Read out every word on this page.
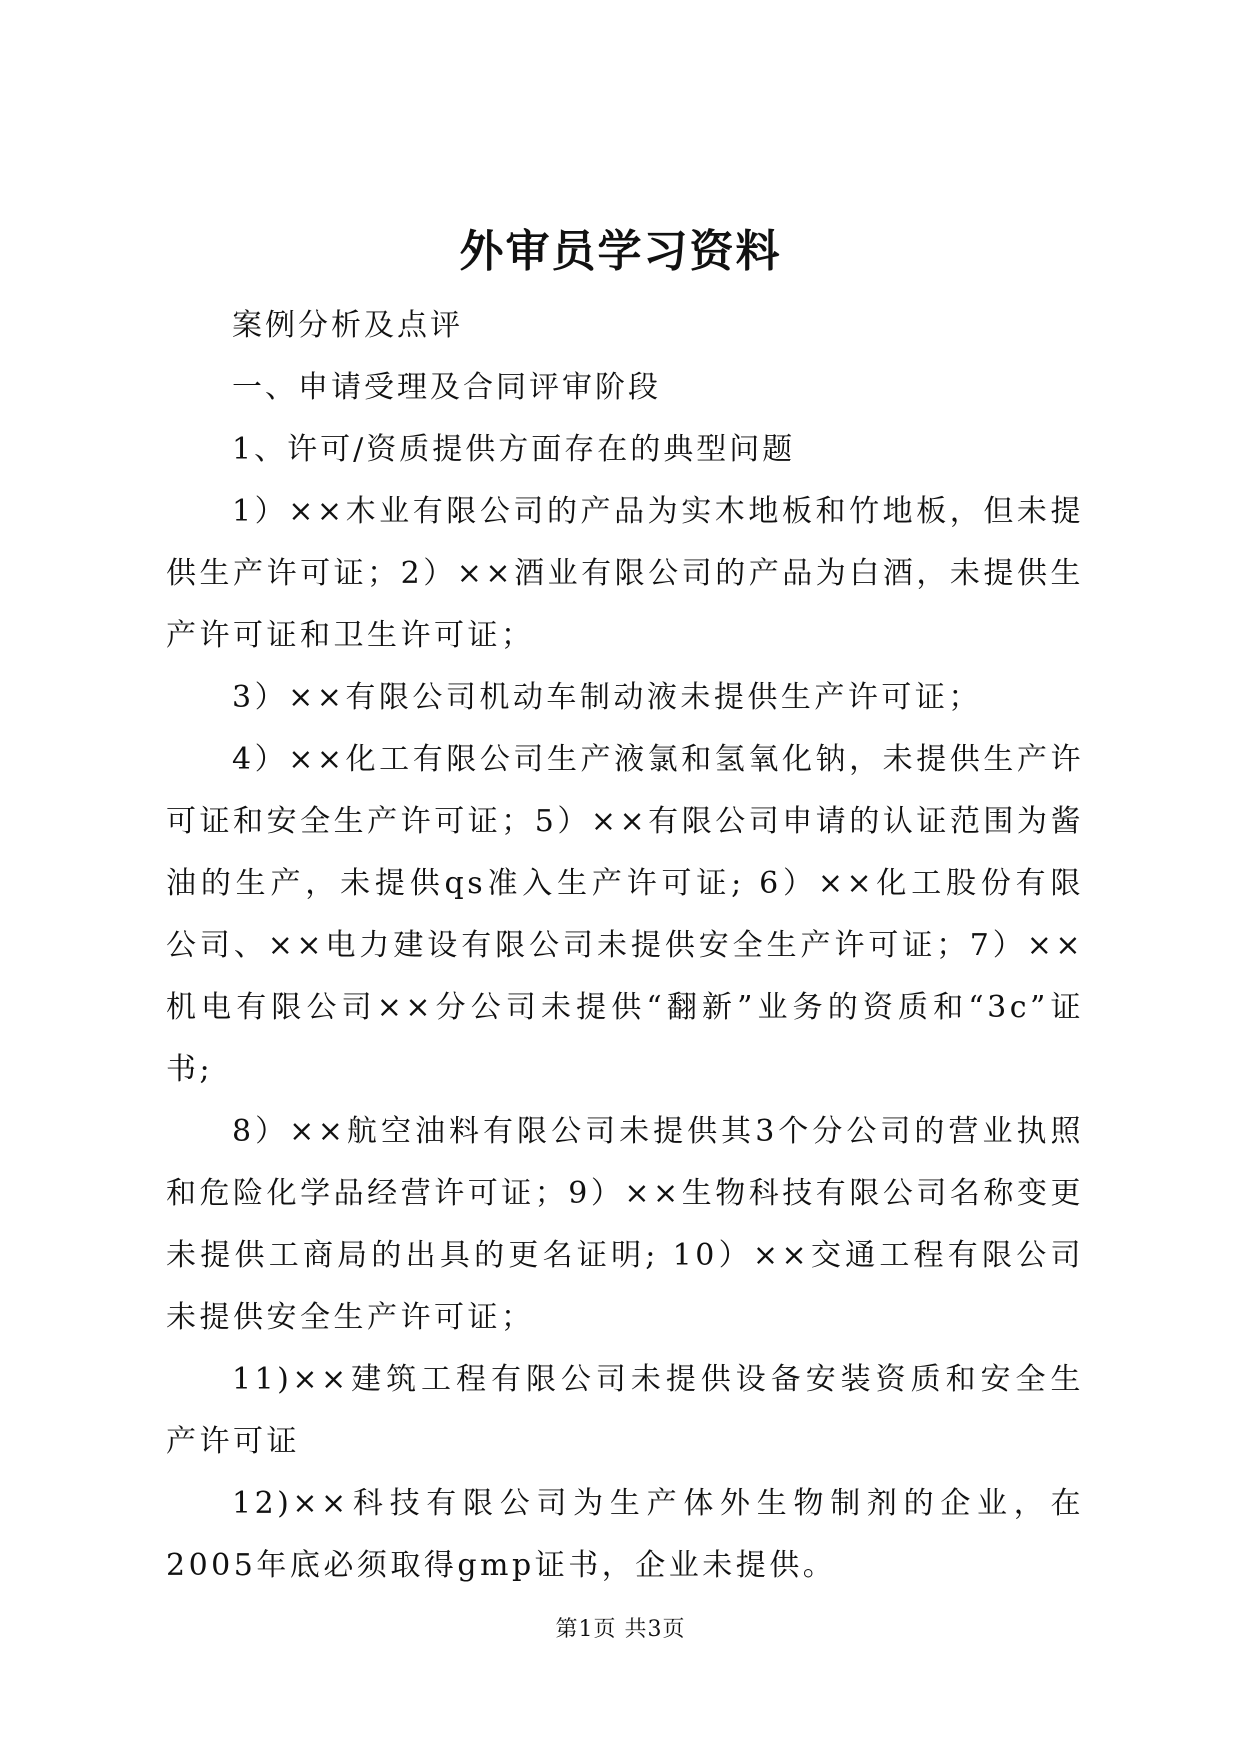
外审员学习资料

案例分析及点评

一、申请受理及合同评审阶段

1、许可/资质提供方面存在的典型问题

1）××木业有限公司的产品为实木地板和竹地板，但未提供生产许可证；2）××酒业有限公司的产品为白酒，未提供生产许可证和卫生许可证；

3）××有限公司机动车制动液未提供生产许可证；

4）××化工有限公司生产液氯和氢氧化钠，未提供生产许可证和安全生产许可证；5）××有限公司申请的认证范围为酱油的生产，未提供qs准入生产许可证; 6）××化工股份有限公司、××电力建设有限公司未提供安全生产许可证；7）××机电有限公司××分公司未提供“翻新”业务的资质和“3c”证书;

8）××航空油料有限公司未提供其3个分公司的营业执照和危险化学品经营许可证；9）××生物科技有限公司名称变更未提供工商局的出具的更名证明; 10）××交通工程有限公司未提供安全生产许可证；

11)××建筑工程有限公司未提供设备安装资质和安全生产许可证

12)××科技有限公司为生产体外生物制剂的企业，在2005年底必须取得gmp证书，企业未提供。

第1页 共3页
